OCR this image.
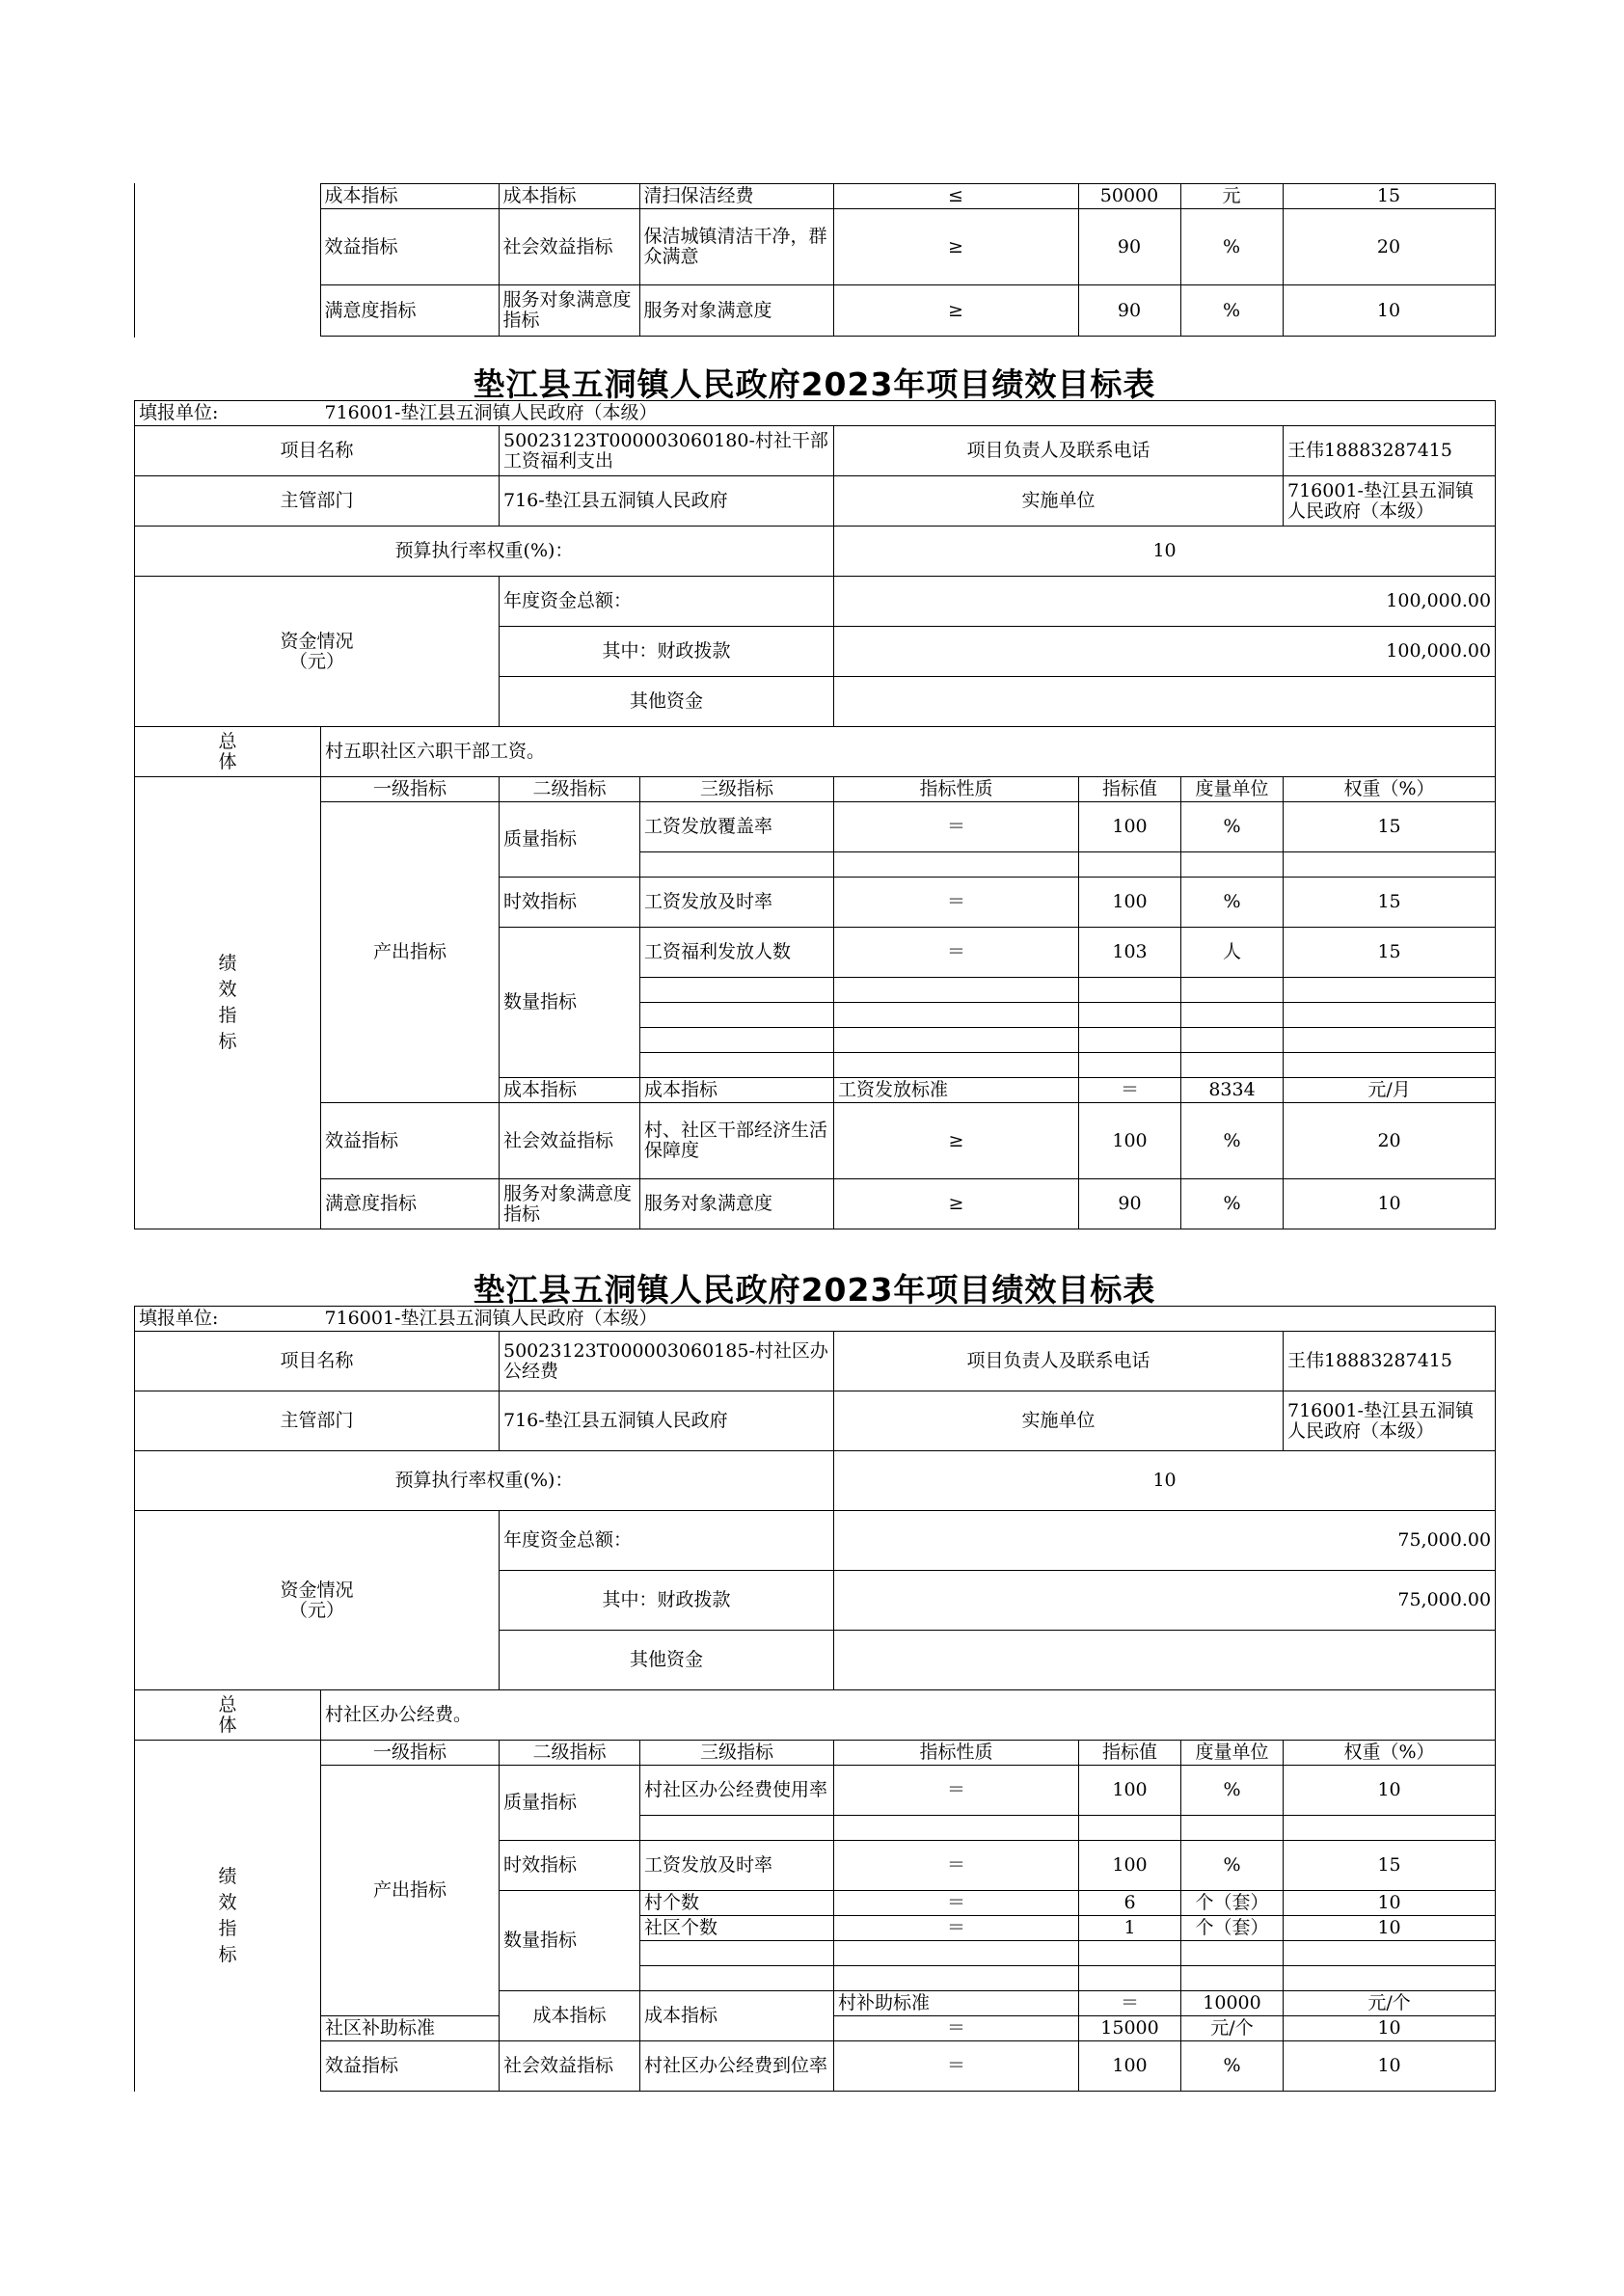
	成本指标	成本指标	清扫保洁经费	≤	50000	元	15
	效益指标	社会效益指标	保洁城镇清洁干净，群众满意	≥	90	%	20
	满意度指标	服务对象满意度指标	服务对象满意度	≥	90	%	10
垫江县五洞镇人民政府2023年项目绩效目标表
填报单位:	716001-垫江县五洞镇人民政府（本级）							
项目名称		50023123T000003060180-村社干部工资福利支出		项目负责人及联系电话			王伟18883287415	
主管部门		716-垫江县五洞镇人民政府		实施单位			716001-垫江县五洞镇人民政府（本级）	
预算执行率权重(%)：				10				
资金情况
（元）		年度资金总额：		100,000.00				
		其中：财政拨款		100,000.00				
		其他资金						
总
体	村五职社区六职干部工资。							
绩
效
指
标	一级指标	二级指标	三级指标	指标性质	指标值	度量单位	权重（%）	
	产出指标	质量指标	工资发放覆盖率	＝	100	%	15	

		时效指标	工资发放及时率	＝	100	%	15	
		数量指标	工资福利发放人数	＝	103	人	15	

		成本指标	成本指标	工资发放标准	＝	8334	元/月	
	效益指标	社会效益指标	村、社区干部经济生活保障度	≥	100	%	20	
	满意度指标	服务对象满意度指标	服务对象满意度	≥	90	%	10	
垫江县五洞镇人民政府2023年项目绩效目标表
填报单位:	716001-垫江县五洞镇人民政府（本级）							
项目名称		50023123T000003060185-村社区办公经费		项目负责人及联系电话			王伟18883287415	
主管部门		716-垫江县五洞镇人民政府		实施单位			716001-垫江县五洞镇人民政府（本级）	
预算执行率权重(%)：				10				
资金情况
（元）		年度资金总额：		75,000.00				
		其中：财政拨款		75,000.00				
		其他资金						
总
体	村社区办公经费。							
绩
效
指
标	一级指标	二级指标	三级指标	指标性质	指标值	度量单位	权重（%）	
	产出指标	质量指标	村社区办公经费使用率	＝	100	%	10	

		时效指标	工资发放及时率	＝	100	%	15	
		数量指标	村个数	＝	6	个（套）	10	
			社区个数	＝	1	个（套）	10	

		成本指标	成本指标	村补助标准	＝	10000	元/个	
	社区补助标准			＝	15000	元/个	10	
	效益指标	社会效益指标	村社区办公经费到位率	＝	100	%	10	
